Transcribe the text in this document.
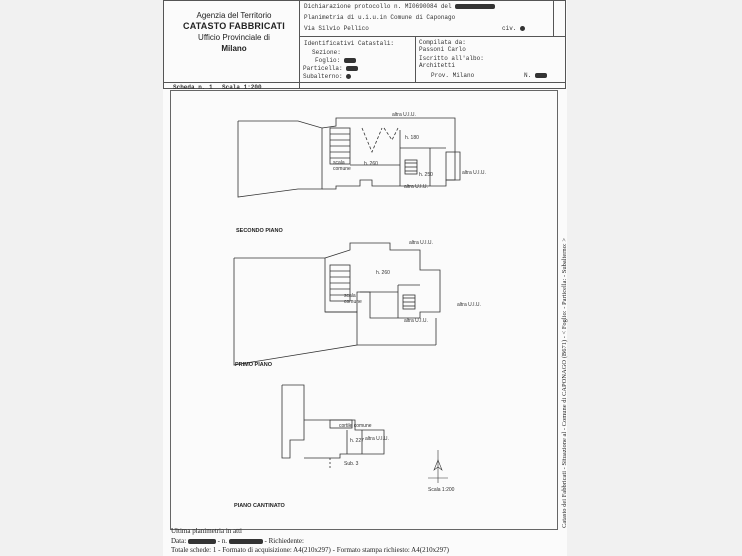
Agenzia del Territorio
CATASTO FABBRICATI
Ufficio Provinciale di
Milano
Dichiarazione protocollo n. MI0690084 del
Planimetria di u.i.u.in Comune di Caponago
Via Silvio Pellico	civ.
Identificativi Catastali:
Sezione:
Foglio:
Particella:
Subalterno:
Compilata da:
Passoni Carlo
Iscritto all'albo:
Architetti
Prov. Milano	N.
Scheda n. 1 Scala 1:200
altra U.I.U.
h. 180
h. 260
scala comune
h. 250	altra U.I.U.
altra U.I.U.
SECONDO PIANO
altra U.I.U.
h. 260
scala comune	altra U.I.U.
altra U.I.U.
PRIMO PIANO
cortile comune
h. 227 altra U.I.U.
Sub. 3
Scala 1:200
PIANO CANTINATO
Ultima planimetria in atti
Data:	- n.	- Richiedente:
Totale schede: 1 - Formato di acquisizione: A4(210x297) - Formato stampa richiesto: A4(210x297)
Catasto dei Fabbricati - Situazione al - Comune di CAPONAGO (B671) - < Foglio: - Particella: - Subalterno: >
